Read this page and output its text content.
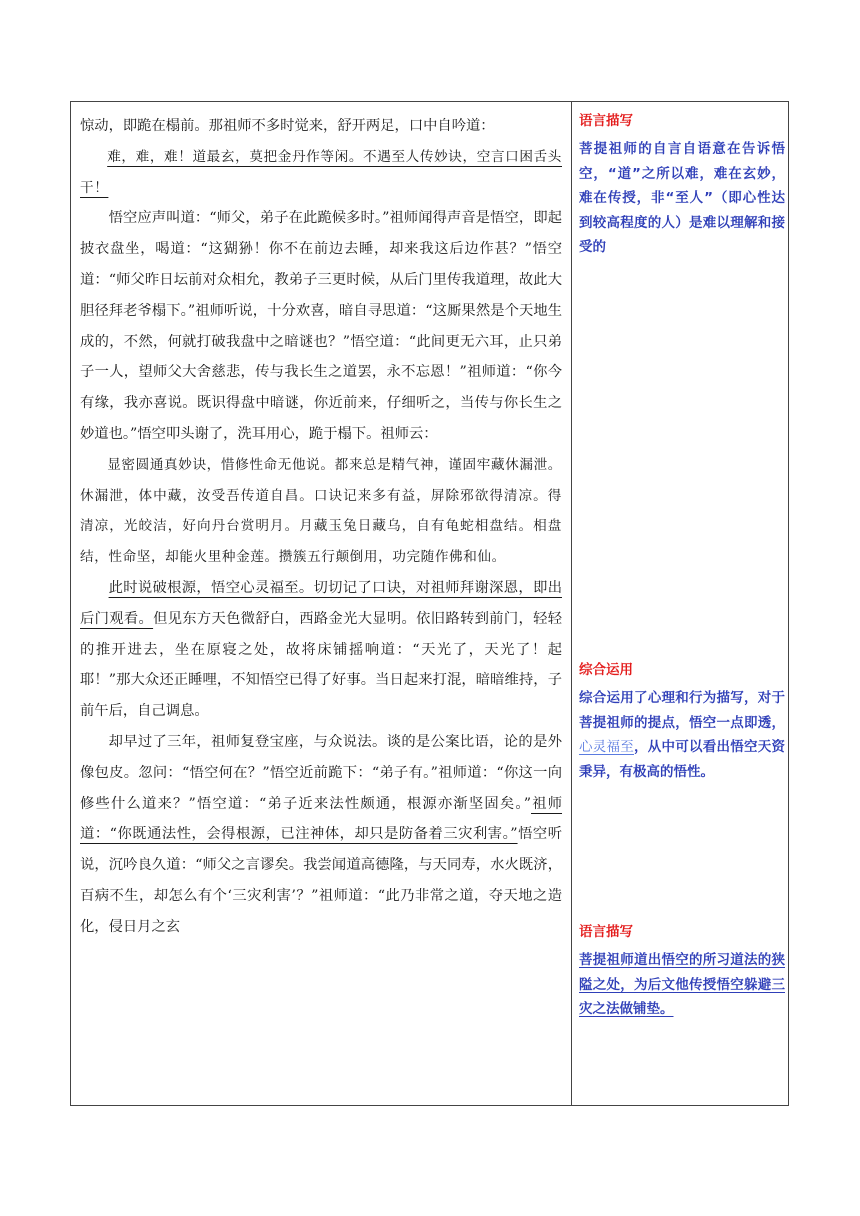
惊动，即跪在榻前。那祖师不多时觉来，舒开两足，口中自吟道：

难，难，难！道最玄，莫把金丹作等闲。不遇至人传妙诀，空言口困舌头干！

悟空应声叫道：“师父，弟子在此跪候多时。”祖师闻得声音是悟空，即起披衣盘坐，喝道：“这猢狲！你不在前边去睡，却来我这后边作甚？”悟空道：“师父昨日坛前对众相允，教弟子三更时候，从后门里传我道理，故此大胆径拜老爷榻下。”祖师听说，十分欢喜，暗自寻思道：“这厮果然是个天地生成的，不然，何就打破我盘中之暗谜也？”悟空道：“此间更无六耳，止只弟子一人，望师父大舍慈悲，传与我长生之道罢，永不忘恩！”祖师道：“你今有缘，我亦喜说。既识得盘中暗谜，你近前来，仔细听之，当传与你长生之妙道也。”悟空叩头谢了，洗耳用心，跪于榻下。祖师云：

显密圆通真妙诀，惜修性命无他说。都来总是精气神，谨固牢藏休漏泄。休漏泄，体中藏，汝受吾传道自昌。口诀记来多有益，屏除邪欲得清凉。得清凉，光皎洁，好向丹台赏明月。月藏玉兔日藏乌，自有龟蛇相盘结。相盘结，性命坚，却能火里种金莲。攒簇五行颠倒用，功完随作佛和仙。

此时说破根源，悟空心灵福至。切切记了口诀，对祖师拜谢深恩，即出后门观看。但见东方天色微舒白，西路金光大显明。依旧路转到前门，轻轻的推开进去，坐在原寝之处，故将床铺摇响道：“天光了，天光了！起耶！”那大众还正睡哩，不知悟空已得了好事。当日起来打混，暗暗维持，子前午后，自己调息。

却早过了三年，祖师复登宝座，与众说法。谈的是公案比语，论的是外像包皮。忽问：“悟空何在？”悟空近前跪下：“弟子有。”祖师道：“你这一向修些什么道来？”悟空道：“弟子近来法性颇通，根源亦渐坚固矣。”祖师道：“你既通法性，会得根源，已注神体，却只是防备着三灾利害。”悟空听说，沉吟良久道：“师父之言谬矣。我尝闻道高德隆，与天同寿，水火既济，百病不生，却怎么有个‘三灾利害’？”祖师道：“此乃非常之道，夺天地之造化，侵日月之玄

语言描写
菩提祖师的自言自语意在告诉悟空，“道”之所以难，难在玄妙，难在传授，非“至人”（即心性达到较高程度的人）是难以理解和接受的
综合运用
综合运用了心理和行为描写，对于菩提祖师的提点，悟空一点即透，心灵福至，从中可以看出悟空天资秉异，有极高的悟性。
语言描写
菩提祖师道出悟空的所习道法的狭隘之处，为后文他传授悟空躲避三灾之法做铺垫。
